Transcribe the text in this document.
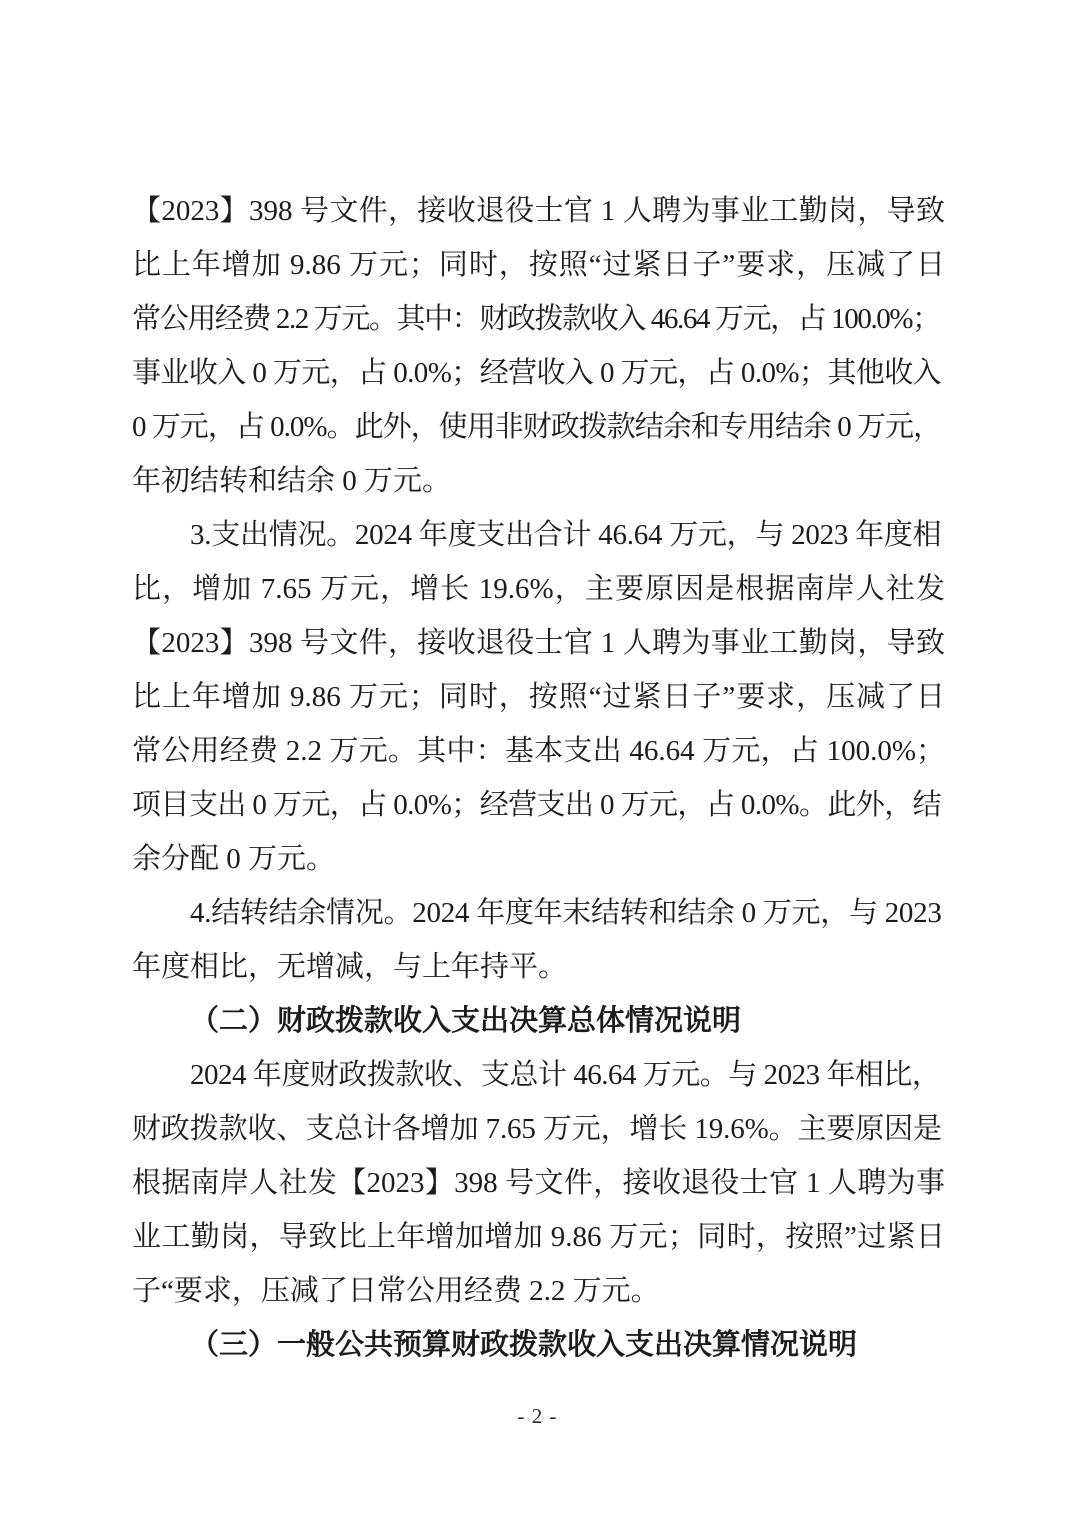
【2023】398 号文件，接收退役士官 1 人聘为事业工勤岗，导致
比上年增加 9.86 万元；同时，按照“过紧日子”要求，压减了日
常公用经费 2.2 万元。其中：财政拨款收入 46.64 万元，占 100.0%；
事业收入 0 万元，占 0.0%；经营收入 0 万元，占 0.0%；其他收入
0 万元，占 0.0%。此外，使用非财政拨款结余和专用结余 0 万元，
年初结转和结余 0 万元。
3.支出情况。2024 年度支出合计 46.64 万元，与 2023 年度相
比，增加 7.65 万元，增长 19.6%，主要原因是根据南岸人社发
【2023】398 号文件，接收退役士官 1 人聘为事业工勤岗，导致
比上年增加 9.86 万元；同时，按照“过紧日子”要求，压减了日
常公用经费 2.2 万元。其中：基本支出 46.64 万元，占 100.0%；
项目支出 0 万元，占 0.0%；经营支出 0 万元，占 0.0%。此外，结
余分配 0 万元。
4.结转结余情况。2024 年度年末结转和结余 0 万元，与 2023
年度相比，无增减，与上年持平。
（二）财政拨款收入支出决算总体情况说明
2024 年度财政拨款收、支总计 46.64 万元。与 2023 年相比，
财政拨款收、支总计各增加 7.65 万元，增长 19.6%。主要原因是
根据南岸人社发【2023】398 号文件，接收退役士官 1 人聘为事
业工勤岗，导致比上年增加增加 9.86 万元；同时，按照”过紧日
子“要求，压减了日常公用经费 2.2 万元。
（三）一般公共预算财政拨款收入支出决算情况说明
- 2 -
